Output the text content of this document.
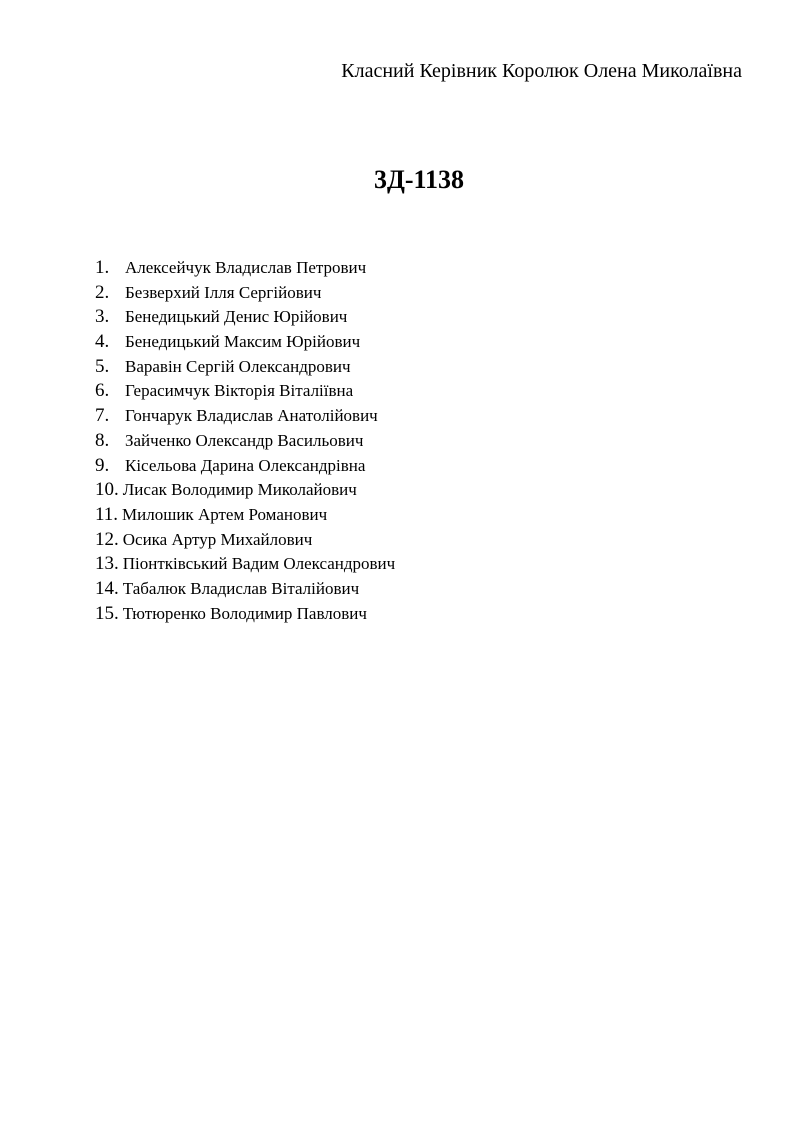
Класний Керівник Королюк Олена Миколаївна
3Д-1138
1. Алексейчук Владислав Петрович
2. Безверхий Ілля Сергійович
3. Бенедицький Денис Юрійович
4. Бенедицький Максим Юрійович
5. Варавін Сергій Олександрович
6. Герасимчук Вікторія Віталіївна
7. Гончарук Владислав Анатолійович
8. Зайченко Олександр Васильович
9. Кісельова Дарина Олександрівна
10. Лисак Володимир Миколайович
11. Милошик Артем Романович
12. Осика Артур Михайлович
13. Піонтківський Вадим Олександрович
14. Табалюк Владислав Віталійович
15. Тютюренко Володимир Павлович
